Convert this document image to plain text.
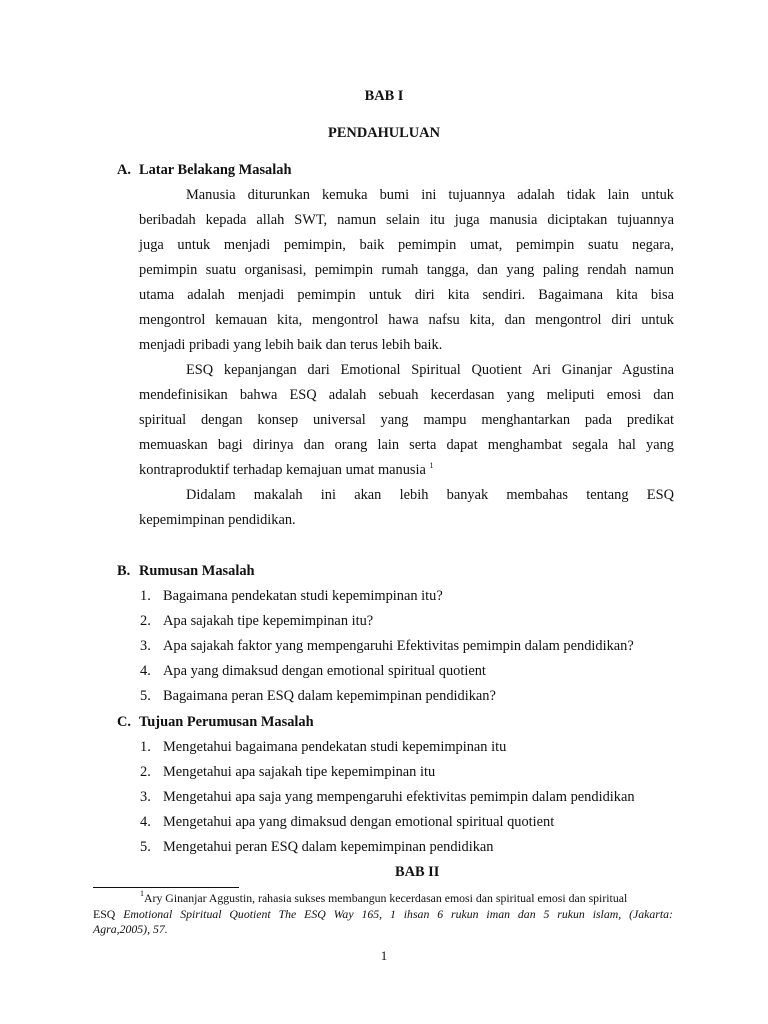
BAB I
PENDAHULUAN
A. Latar Belakang Masalah
Manusia diturunkan kemuka bumi ini tujuannya adalah tidak lain untuk
beribadah kepada allah SWT, namun selain itu juga manusia diciptakan tujuannya
juga untuk menjadi pemimpin, baik pemimpin umat, pemimpin suatu negara,
pemimpin suatu organisasi, pemimpin rumah tangga, dan yang paling rendah namun
utama adalah menjadi pemimpin untuk diri kita sendiri. Bagaimana kita bisa
mengontrol kemauan kita, mengontrol hawa nafsu kita, dan mengontrol diri untuk
menjadi pribadi yang lebih baik dan terus lebih baik.
ESQ kepanjangan dari Emotional Spiritual Quotient Ari Ginanjar Agustina
mendefinisikan bahwa ESQ adalah sebuah kecerdasan yang meliputi emosi dan
spiritual dengan konsep universal yang mampu menghantarkan pada predikat
memuaskan bagi dirinya dan orang lain serta dapat menghambat segala hal yang
kontraproduktif terhadap kemajuan umat manusia $^1$
Didalam makalah ini akan lebih banyak membahas tentang ESQ
kepemimpinan pendidikan.
B. Rumusan Masalah
1. Bagaimana pendekatan studi kepemimpinan itu?
2. Apa sajakah tipe kepemimpinan itu?
3. Apa sajakah faktor yang mempengaruhi Efektivitas pemimpin dalam pendidikan?
4. Apa yang dimaksud dengan emotional spiritual quotient
5. Bagaimana peran ESQ dalam kepemimpinan pendidikan?
C. Tujuan Perumusan Masalah
1. Mengetahui bagaimana pendekatan studi kepemimpinan itu
2. Mengetahui apa sajakah tipe kepemimpinan itu
3. Mengetahui apa saja yang mempengaruhi efektivitas pemimpin dalam pendidikan
4. Mengetahui apa yang dimaksud dengan emotional spiritual quotient
5. Mengetahui peran ESQ dalam kepemimpinan pendidikan
BAB II
$^1$Ary Ginanjar Aggustin, rahasia sukses membangun kecerdasan emosi dan spiritual emosi dan spiritual
ESQ Emotional Spiritual Quotient The ESQ Way 165, 1 ihsan 6 rukun iman dan 5 rukun islam, (Jakarta:
Agra,2005), 57.
1
